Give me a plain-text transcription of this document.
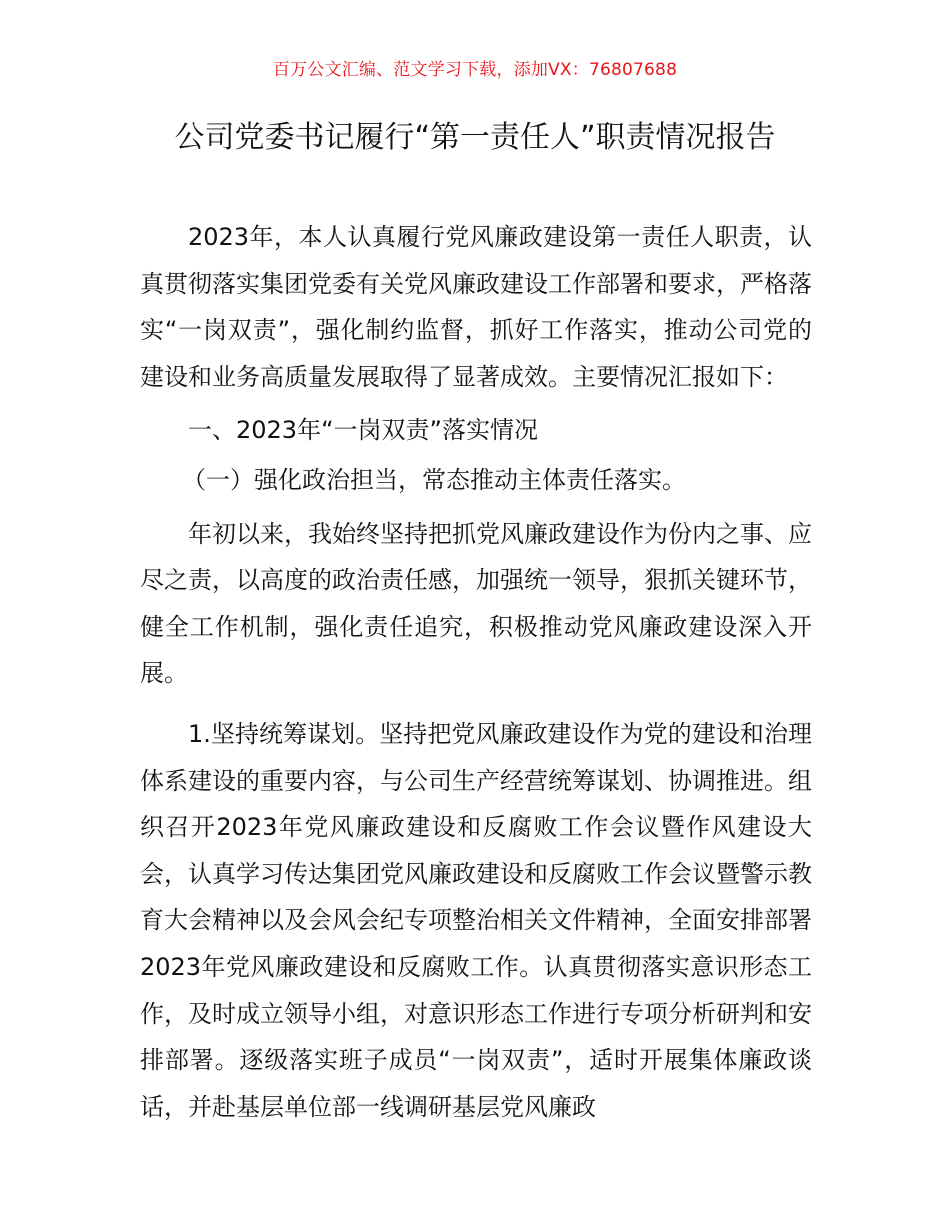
百万公文汇编、范文学习下载，添加VX：76807688
公司党委书记履行“第一责任人”职责情况报告

2023年，本人认真履行党风廉政建设第一责任人职责，认真贯彻落实集团党委有关党风廉政建设工作部署和要求，严格落实“一岗双责”，强化制约监督，抓好工作落实，推动公司党的建设和业务高质量发展取得了显著成效。主要情况汇报如下：

一、2023年“一岗双责”落实情况

（一）强化政治担当，常态推动主体责任落实。

年初以来，我始终坚持把抓党风廉政建设作为份内之事、应尽之责，以高度的政治责任感，加强统一领导，狠抓关键环节，健全工作机制，强化责任追究，积极推动党风廉政建设深入开展。

1.坚持统筹谋划。坚持把党风廉政建设作为党的建设和治理体系建设的重要内容，与公司生产经营统筹谋划、协调推进。组织召开2023年党风廉政建设和反腐败工作会议暨作风建设大会，认真学习传达集团党风廉政建设和反腐败工作会议暨警示教育大会精神以及会风会纪专项整治相关文件精神，全面安排部署2023年党风廉政建设和反腐败工作。认真贯彻落实意识形态工作，及时成立领导小组，对意识形态工作进行专项分析研判和安排部署。逐级落实班子成员“一岗双责”，适时开展集体廉政谈话，并赴基层单位部一线调研基层党风廉政
